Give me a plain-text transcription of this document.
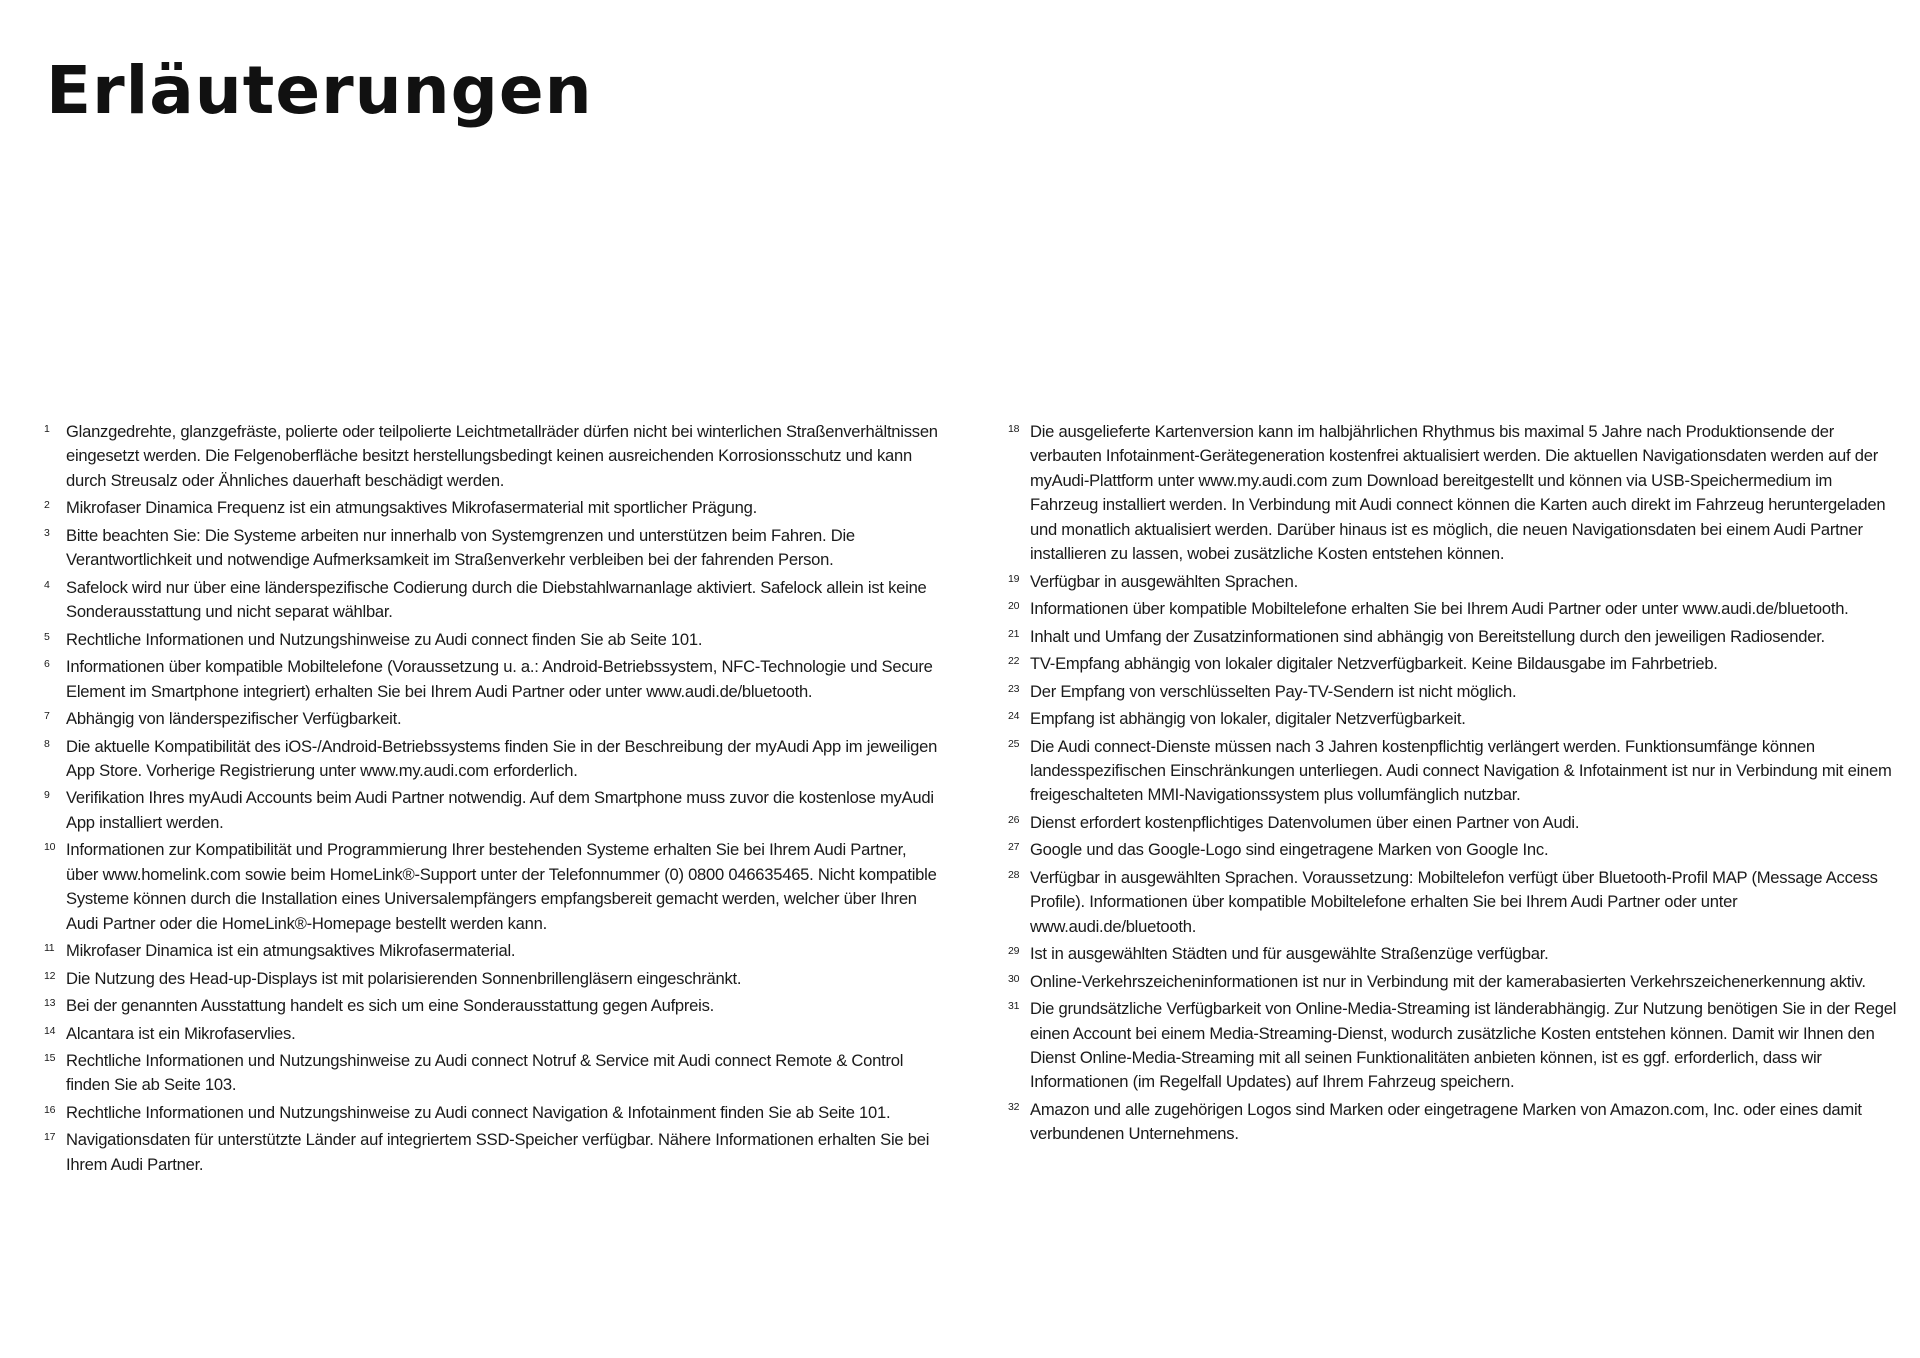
Erläuterungen
1 Glanzgedrehte, glanzgefräste, polierte oder teilpolierte Leichtmetallräder dürfen nicht bei winterlichen Straßenverhältnissen eingesetzt werden. Die Felgenoberfläche besitzt herstellungsbedingt keinen ausreichenden Korrosionsschutz und kann durch Streusalz oder Ähnliches dauerhaft beschädigt werden.
2 Mikrofaser Dinamica Frequenz ist ein atmungsaktives Mikrofasermaterial mit sportlicher Prägung.
3 Bitte beachten Sie: Die Systeme arbeiten nur innerhalb von Systemgrenzen und unterstützen beim Fahren. Die Verantwortlichkeit und notwendige Aufmerksamkeit im Straßenverkehr verbleiben bei der fahrenden Person.
4 Safelock wird nur über eine länderspezifische Codierung durch die Diebstahlwarnanlage aktiviert. Safelock allein ist keine Sonderausstattung und nicht separat wählbar.
5 Rechtliche Informationen und Nutzungshinweise zu Audi connect finden Sie ab Seite 101.
6 Informationen über kompatible Mobiltelefone (Voraussetzung u. a.: Android-Betriebssystem, NFC-Technologie und Secure Element im Smartphone integriert) erhalten Sie bei Ihrem Audi Partner oder unter www.audi.de/bluetooth.
7 Abhängig von länderspezifischer Verfügbarkeit.
8 Die aktuelle Kompatibilität des iOS-/Android-Betriebssystems finden Sie in der Beschreibung der myAudi App im jeweiligen App Store. Vorherige Registrierung unter www.my.audi.com erforderlich.
9 Verifikation Ihres myAudi Accounts beim Audi Partner notwendig. Auf dem Smartphone muss zuvor die kostenlose myAudi App installiert werden.
10 Informationen zur Kompatibilität und Programmierung Ihrer bestehenden Systeme erhalten Sie bei Ihrem Audi Partner, über www.homelink.com sowie beim HomeLink®-Support unter der Telefonnummer (0) 0800 046635465. Nicht kompatible Systeme können durch die Installation eines Universalempfängers empfangsbereit gemacht werden, welcher über Ihren Audi Partner oder die HomeLink®-Homepage bestellt werden kann.
11 Mikrofaser Dinamica ist ein atmungsaktives Mikrofasermaterial.
12 Die Nutzung des Head-up-Displays ist mit polarisierenden Sonnenbrillengläsern eingeschränkt.
13 Bei der genannten Ausstattung handelt es sich um eine Sonderausstattung gegen Aufpreis.
14 Alcantara ist ein Mikrofaservlies.
15 Rechtliche Informationen und Nutzungshinweise zu Audi connect Notruf & Service mit Audi connect Remote & Control finden Sie ab Seite 103.
16 Rechtliche Informationen und Nutzungshinweise zu Audi connect Navigation & Infotainment finden Sie ab Seite 101.
17 Navigationsdaten für unterstützte Länder auf integriertem SSD-Speicher verfügbar. Nähere Informationen erhalten Sie bei Ihrem Audi Partner.
18 Die ausgelieferte Kartenversion kann im halbjährlichen Rhythmus bis maximal 5 Jahre nach Produktionsende der verbauten Infotainment-Gerätegeneration kostenfrei aktualisiert werden. Die aktuellen Navigationsdaten werden auf der myAudi-Plattform unter www.my.audi.com zum Download bereitgestellt und können via USB-Speichermedium im Fahrzeug installiert werden. In Verbindung mit Audi connect können die Karten auch direkt im Fahrzeug heruntergeladen und monatlich aktualisiert werden. Darüber hinaus ist es möglich, die neuen Navigationsdaten bei einem Audi Partner installieren zu lassen, wobei zusätzliche Kosten entstehen können.
19 Verfügbar in ausgewählten Sprachen.
20 Informationen über kompatible Mobiltelefone erhalten Sie bei Ihrem Audi Partner oder unter www.audi.de/bluetooth.
21 Inhalt und Umfang der Zusatzinformationen sind abhängig von Bereitstellung durch den jeweiligen Radiosender.
22 TV-Empfang abhängig von lokaler digitaler Netzverfügbarkeit. Keine Bildausgabe im Fahrbetrieb.
23 Der Empfang von verschlüsselten Pay-TV-Sendern ist nicht möglich.
24 Empfang ist abhängig von lokaler, digitaler Netzverfügbarkeit.
25 Die Audi connect-Dienste müssen nach 3 Jahren kostenpflichtig verlängert werden. Funktionsumfänge können landesspezifischen Einschränkungen unterliegen. Audi connect Navigation & Infotainment ist nur in Verbindung mit einem freigeschalteten MMI-Navigationssystem plus vollumfänglich nutzbar.
26 Dienst erfordert kostenpflichtiges Datenvolumen über einen Partner von Audi.
27 Google und das Google-Logo sind eingetragene Marken von Google Inc.
28 Verfügbar in ausgewählten Sprachen. Voraussetzung: Mobiltelefon verfügt über Bluetooth-Profil MAP (Message Access Profile). Informationen über kompatible Mobiltelefone erhalten Sie bei Ihrem Audi Partner oder unter www.audi.de/bluetooth.
29 Ist in ausgewählten Städten und für ausgewählte Straßenzüge verfügbar.
30 Online-Verkehrszeicheninformationen ist nur in Verbindung mit der kamerabasierten Verkehrszeichenerkennung aktiv.
31 Die grundsätzliche Verfügbarkeit von Online-Media-Streaming ist länderabhängig. Zur Nutzung benötigen Sie in der Regel einen Account bei einem Media-Streaming-Dienst, wodurch zusätzliche Kosten entstehen können. Damit wir Ihnen den Dienst Online-Media-Streaming mit all seinen Funktionalitäten anbieten können, ist es ggf. erforderlich, dass wir Informationen (im Regelfall Updates) auf Ihrem Fahrzeug speichern.
32 Amazon und alle zugehörigen Logos sind Marken oder eingetragene Marken von Amazon.com, Inc. oder eines damit verbundenen Unternehmens.
